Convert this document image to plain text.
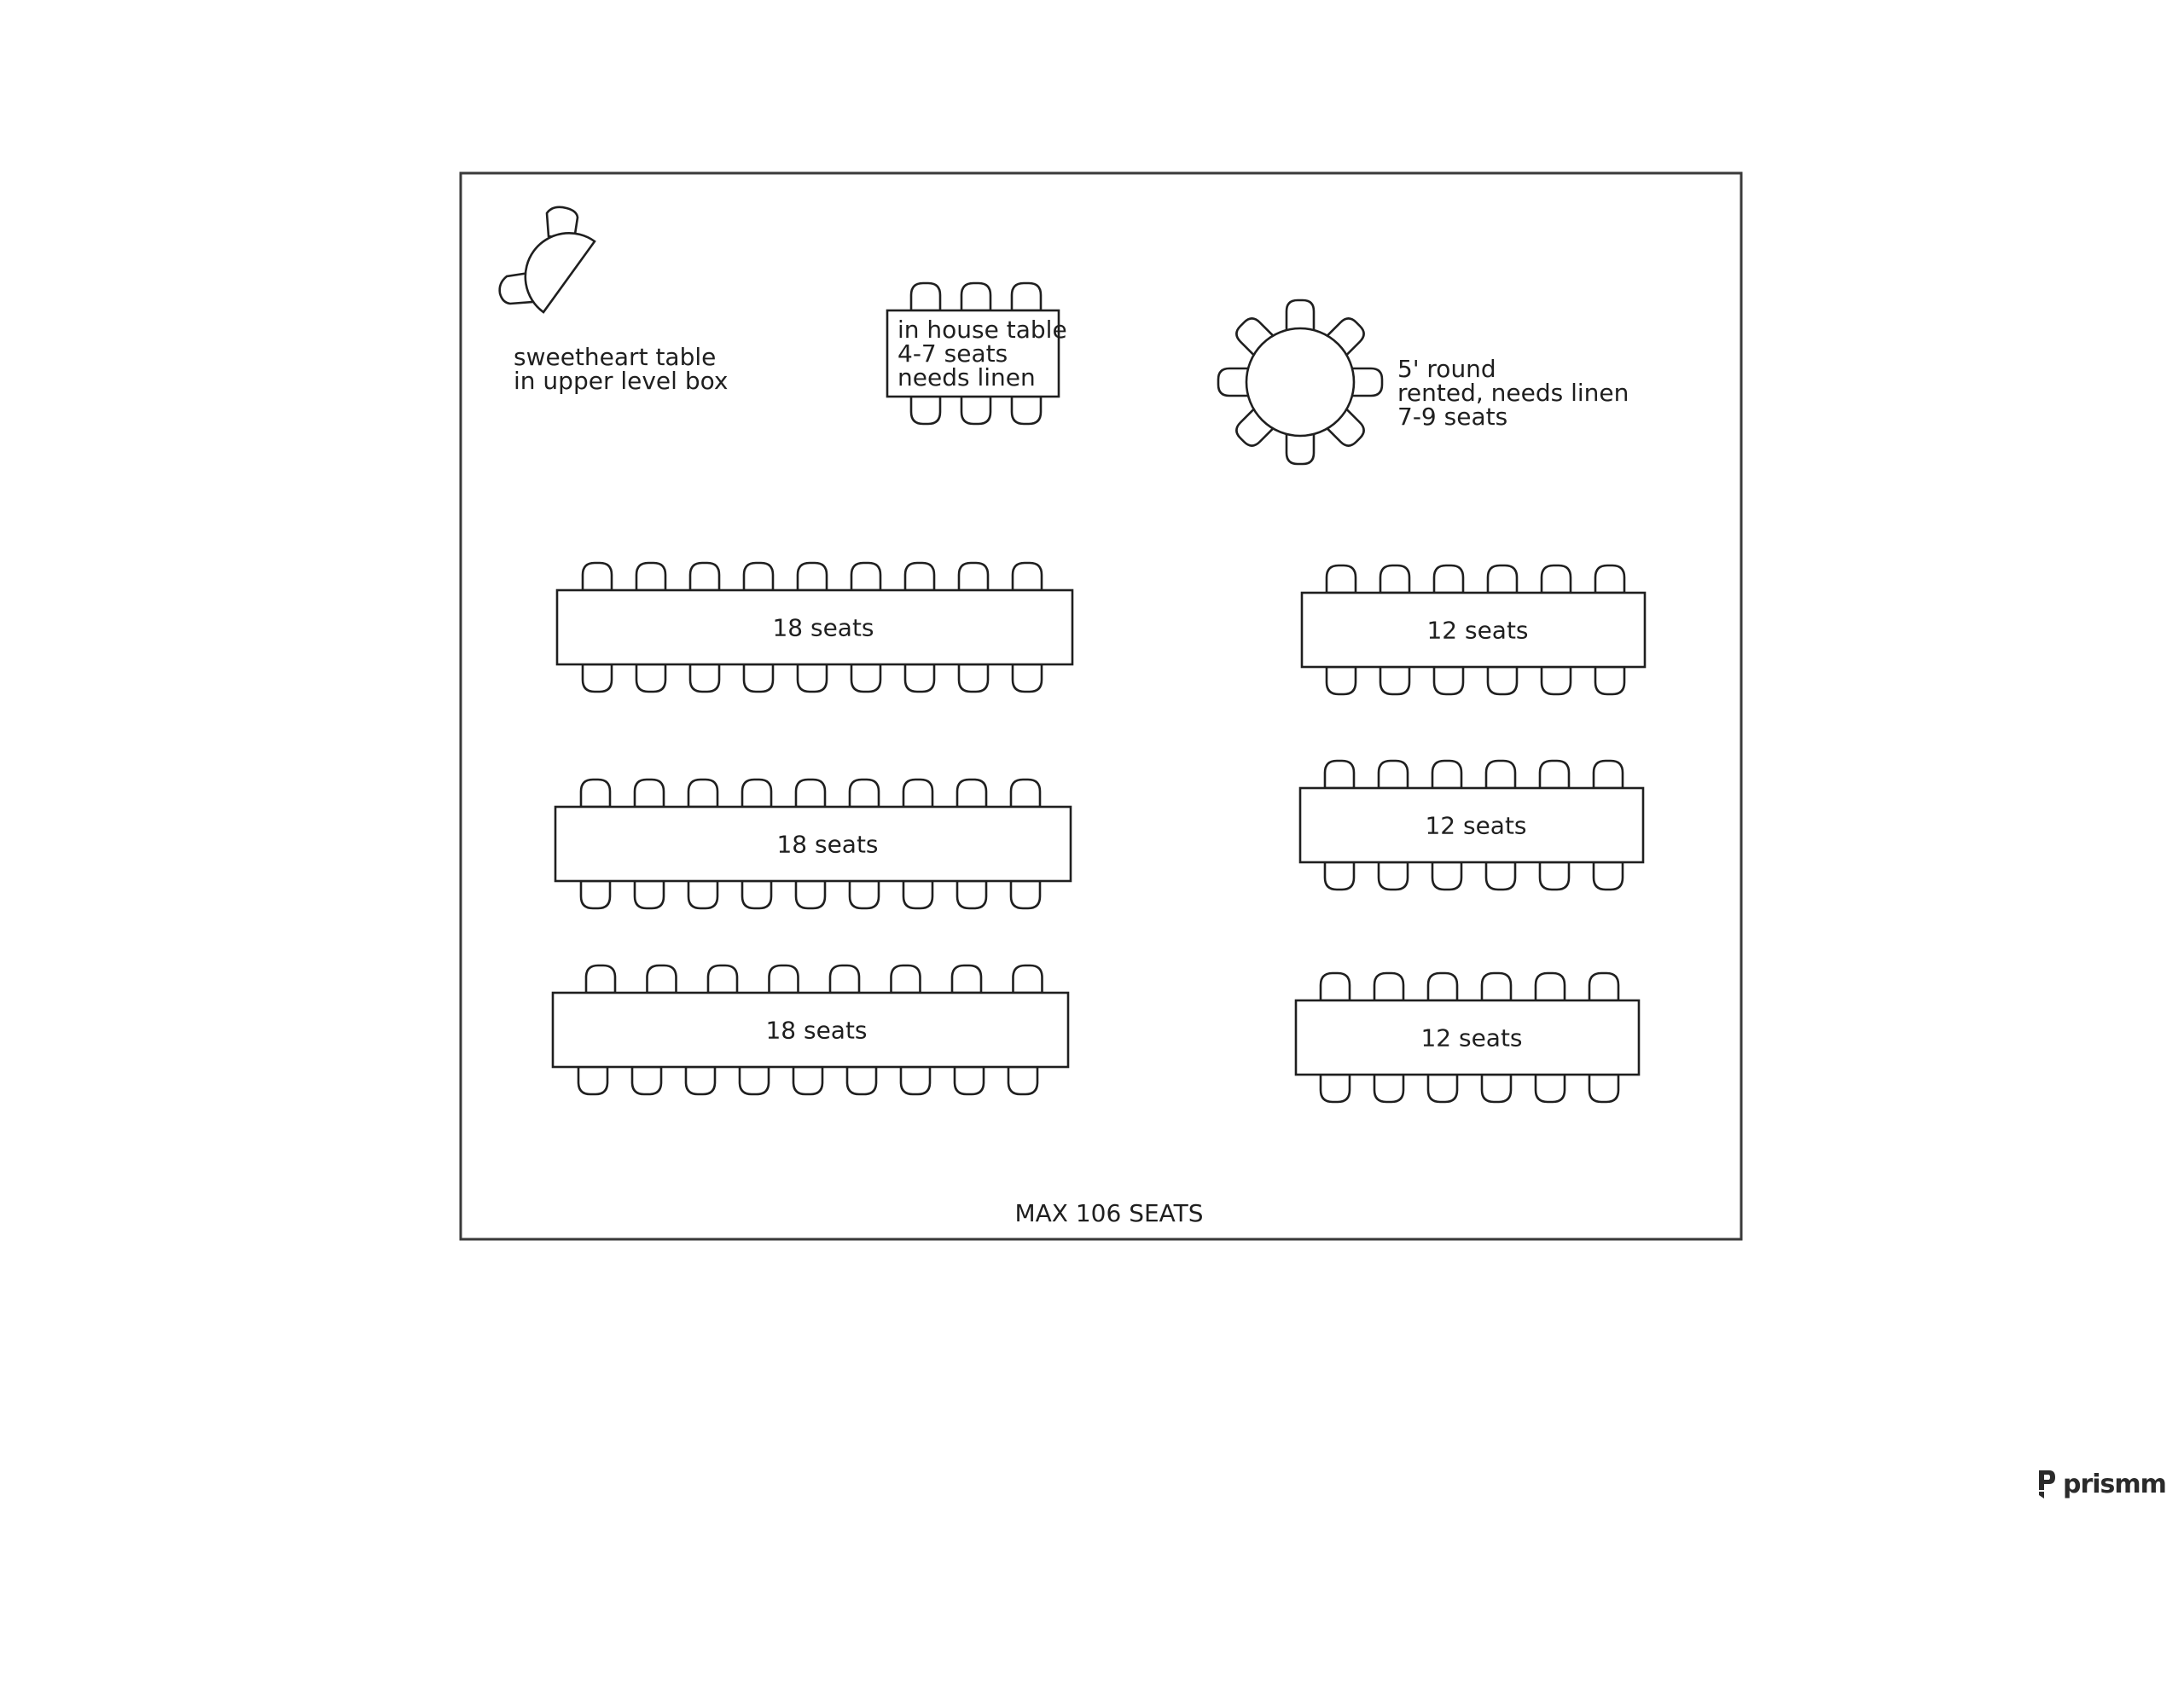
sweetheart table
in upper level box
in house table
4-7 seats
needs linen	5' round
rented, needs linen
7-9 seats
18 seats
18 seats
18 seats
12 seats
12 seats
12 seats
MAX 106 SEATS
prismm
